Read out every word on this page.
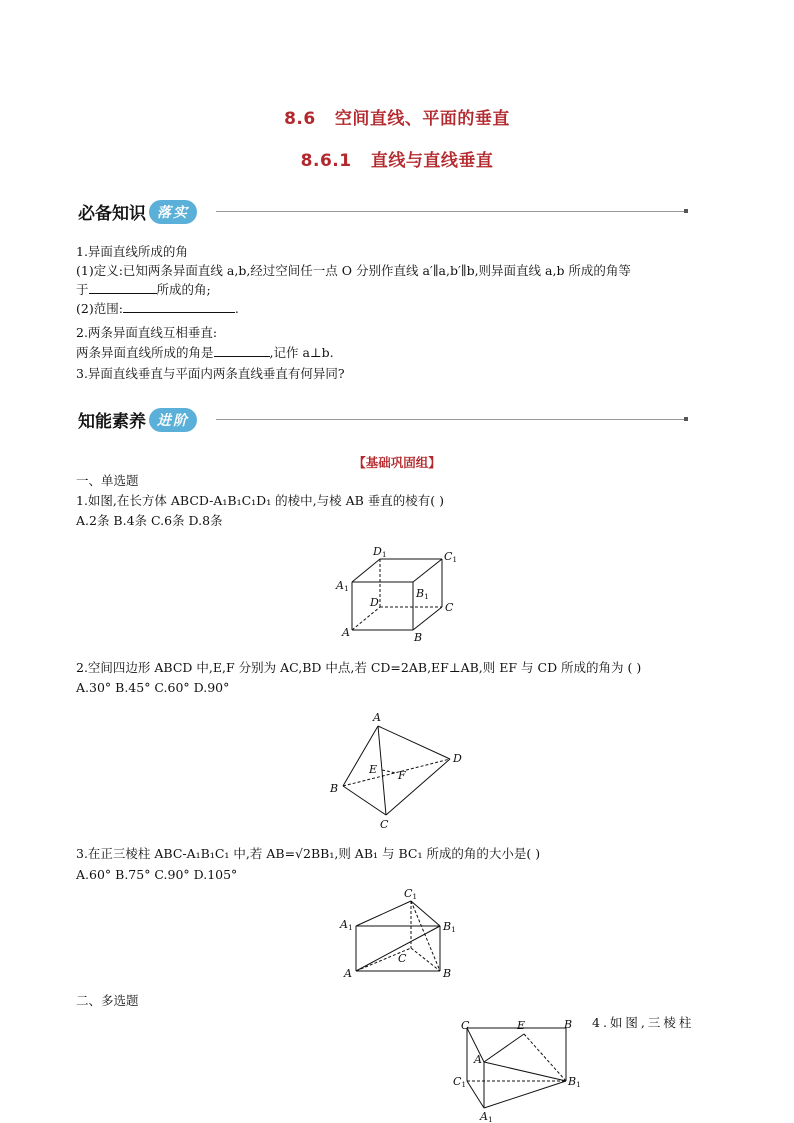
8.6   空间直线、平面的垂直
8.6.1   直线与直线垂直
必备知识 落实
1.异面直线所成的角
(1)定义:已知两条异面直线 a,b,经过空间任一点 O 分别作直线 a′∥a,b′∥b,则异面直线 a,b 所成的角等
于	所成的角;
(2)范围:	.
2.两条异面直线互相垂直:
两条异面直线所成的角是	,记作 a⊥b.
3.异面直线垂直与平面内两条直线垂直有何异同?
知能素养 进阶
【基础巩固组】
一、单选题
1.如图,在长方体 ABCD-A₁B₁C₁D₁ 的棱中,与棱 AB 垂直的棱有( )
A.2条 B.4条 C.6条 D.8条
D1	C1
A1	B1
D	C
A	B
2.空间四边形 ABCD 中,E,F 分别为 AC,BD 中点,若 CD=2AB,EF⊥AB,则 EF 与 CD 所成的角为 ( )
A.30° B.45° C.60° D.90°
A
B
C
D
E F
3.在正三棱柱 ABC-A₁B₁C₁ 中,若 AB=√2BB₁,则 AB₁ 与 BC₁ 所成的角的大小是( )
A.60° B.75° C.90° D.105°
C1
A1	B1
C
A	B
二、多选题
C	E	B
A
C1	B1
A1
4.如图,三棱柱
